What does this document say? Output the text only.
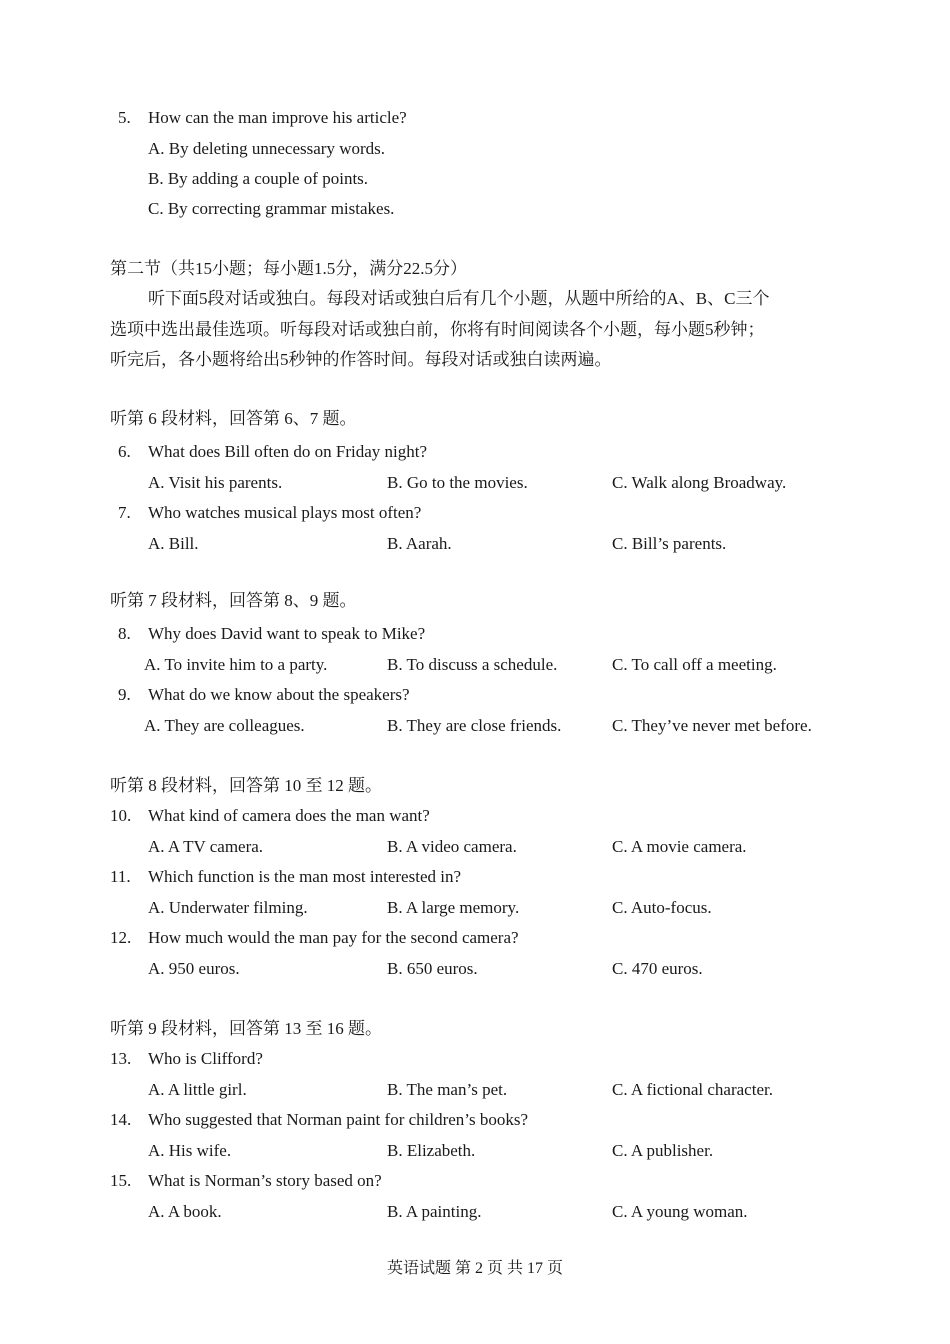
5. How can the man improve his article?
A. By deleting unnecessary words.
B. By adding a couple of points.
C. By correcting grammar mistakes.
第二节（共15小题；每小题1.5分，满分22.5分）
听下面5段对话或独白。每段对话或独白后有几个小题，从题中所给的A、B、C三个
选项中选出最佳选项。听每段对话或独白前，你将有时间阅读各个小题，每小题5秒钟；
听完后，各小题将给出5秒钟的作答时间。每段对话或独白读两遍。
听第 6 段材料，回答第 6、7 题。
6. What does Bill often do on Friday night?
A. Visit his parents.	B. Go to the movies.	C. Walk along Broadway.
7. Who watches musical plays most often?
A. Bill.	B. Aarah.	C. Bill’s parents.
听第 7 段材料，回答第 8、9 题。
8. Why does David want to speak to Mike?
A. To invite him to a party.	B. To discuss a schedule.	C. To call off a meeting.
9. What do we know about the speakers?
A. They are colleagues.	B. They are close friends.	C. They’ve never met before.
听第 8 段材料，回答第 10 至 12 题。
10. What kind of camera does the man want?
A. A TV camera.	B. A video camera.	C. A movie camera.
11. Which function is the man most interested in?
A. Underwater filming.	B. A large memory.	C. Auto-focus.
12. How much would the man pay for the second camera?
A. 950 euros.	B. 650 euros.	C. 470 euros.
听第 9 段材料，回答第 13 至 16 题。
13. Who is Clifford?
A. A little girl.	B. The man’s pet.	C. A fictional character.
14. Who suggested that Norman paint for children’s books?
A. His wife.	B. Elizabeth.	C. A publisher.
15. What is Norman’s story based on?
A. A book.	B. A painting.	C. A young woman.
英语试题 第 2 页 共 17 页
